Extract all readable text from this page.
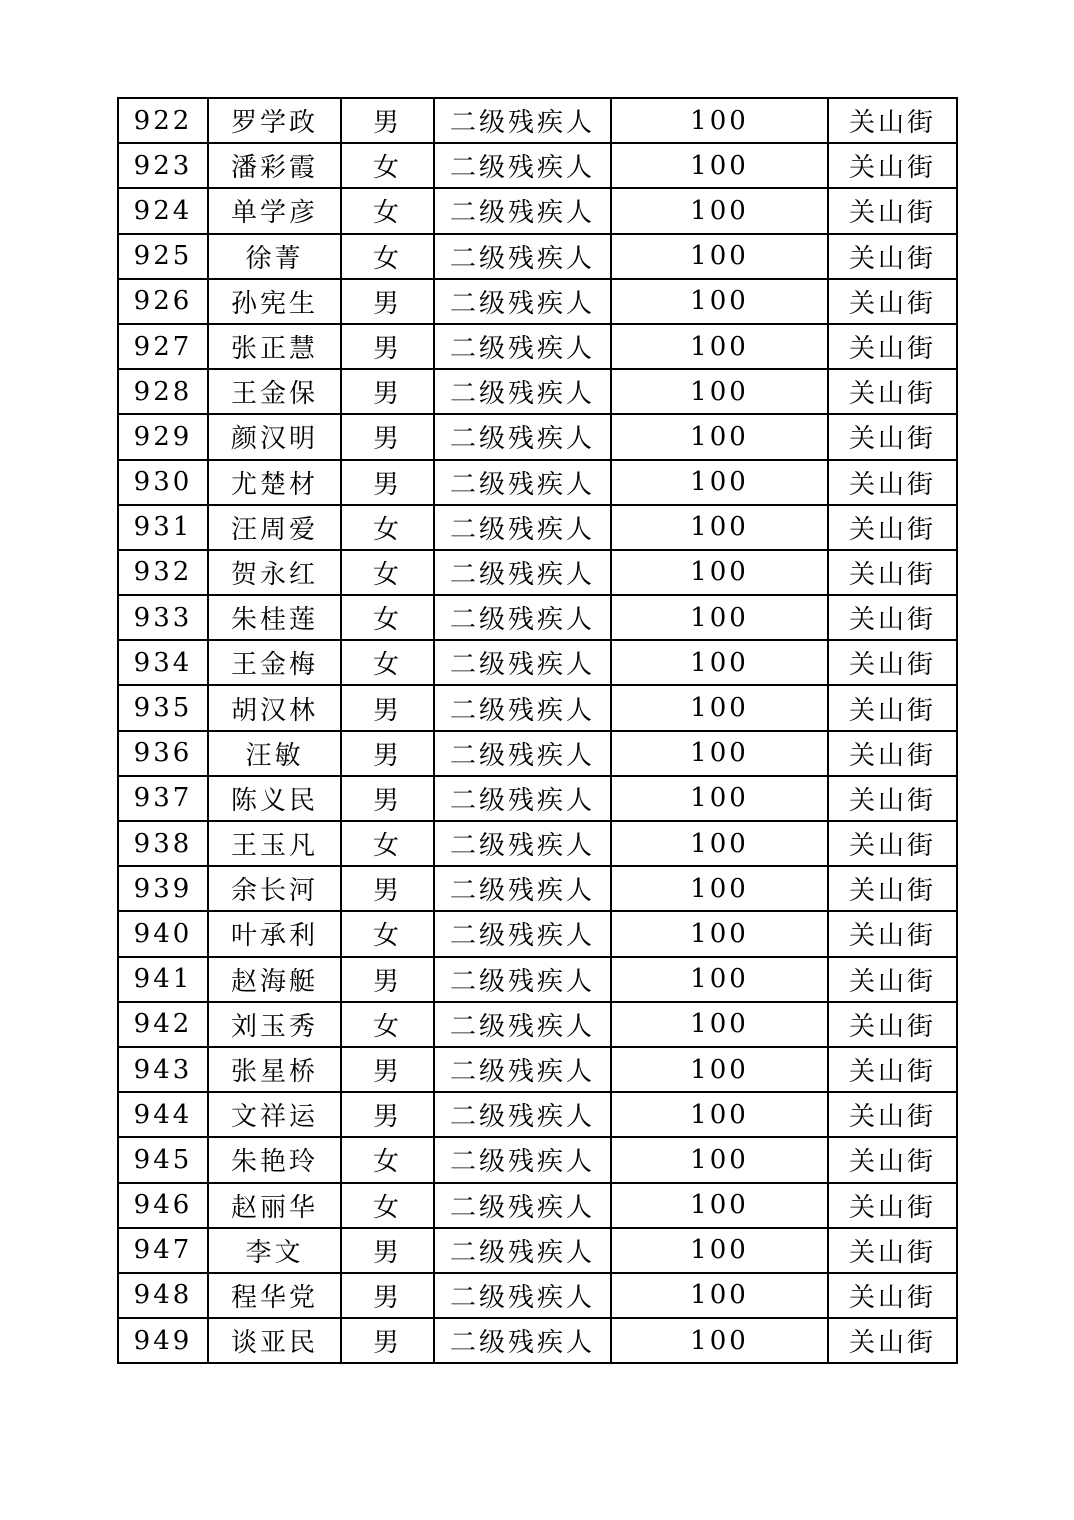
922	罗学政	男	二级残疾人	100	关山街
923	潘彩霞	女	二级残疾人	100	关山街
924	单学彦	女	二级残疾人	100	关山街
925	徐菁	女	二级残疾人	100	关山街
926	孙宪生	男	二级残疾人	100	关山街
927	张正慧	男	二级残疾人	100	关山街
928	王金保	男	二级残疾人	100	关山街
929	颜汉明	男	二级残疾人	100	关山街
930	尤楚材	男	二级残疾人	100	关山街
931	汪周爱	女	二级残疾人	100	关山街
932	贺永红	女	二级残疾人	100	关山街
933	朱桂莲	女	二级残疾人	100	关山街
934	王金梅	女	二级残疾人	100	关山街
935	胡汉林	男	二级残疾人	100	关山街
936	汪敏	男	二级残疾人	100	关山街
937	陈义民	男	二级残疾人	100	关山街
938	王玉凡	女	二级残疾人	100	关山街
939	余长河	男	二级残疾人	100	关山街
940	叶承利	女	二级残疾人	100	关山街
941	赵海艇	男	二级残疾人	100	关山街
942	刘玉秀	女	二级残疾人	100	关山街
943	张星桥	男	二级残疾人	100	关山街
944	文祥运	男	二级残疾人	100	关山街
945	朱艳玲	女	二级残疾人	100	关山街
946	赵丽华	女	二级残疾人	100	关山街
947	李文	男	二级残疾人	100	关山街
948	程华党	男	二级残疾人	100	关山街
949	谈亚民	男	二级残疾人	100	关山街
